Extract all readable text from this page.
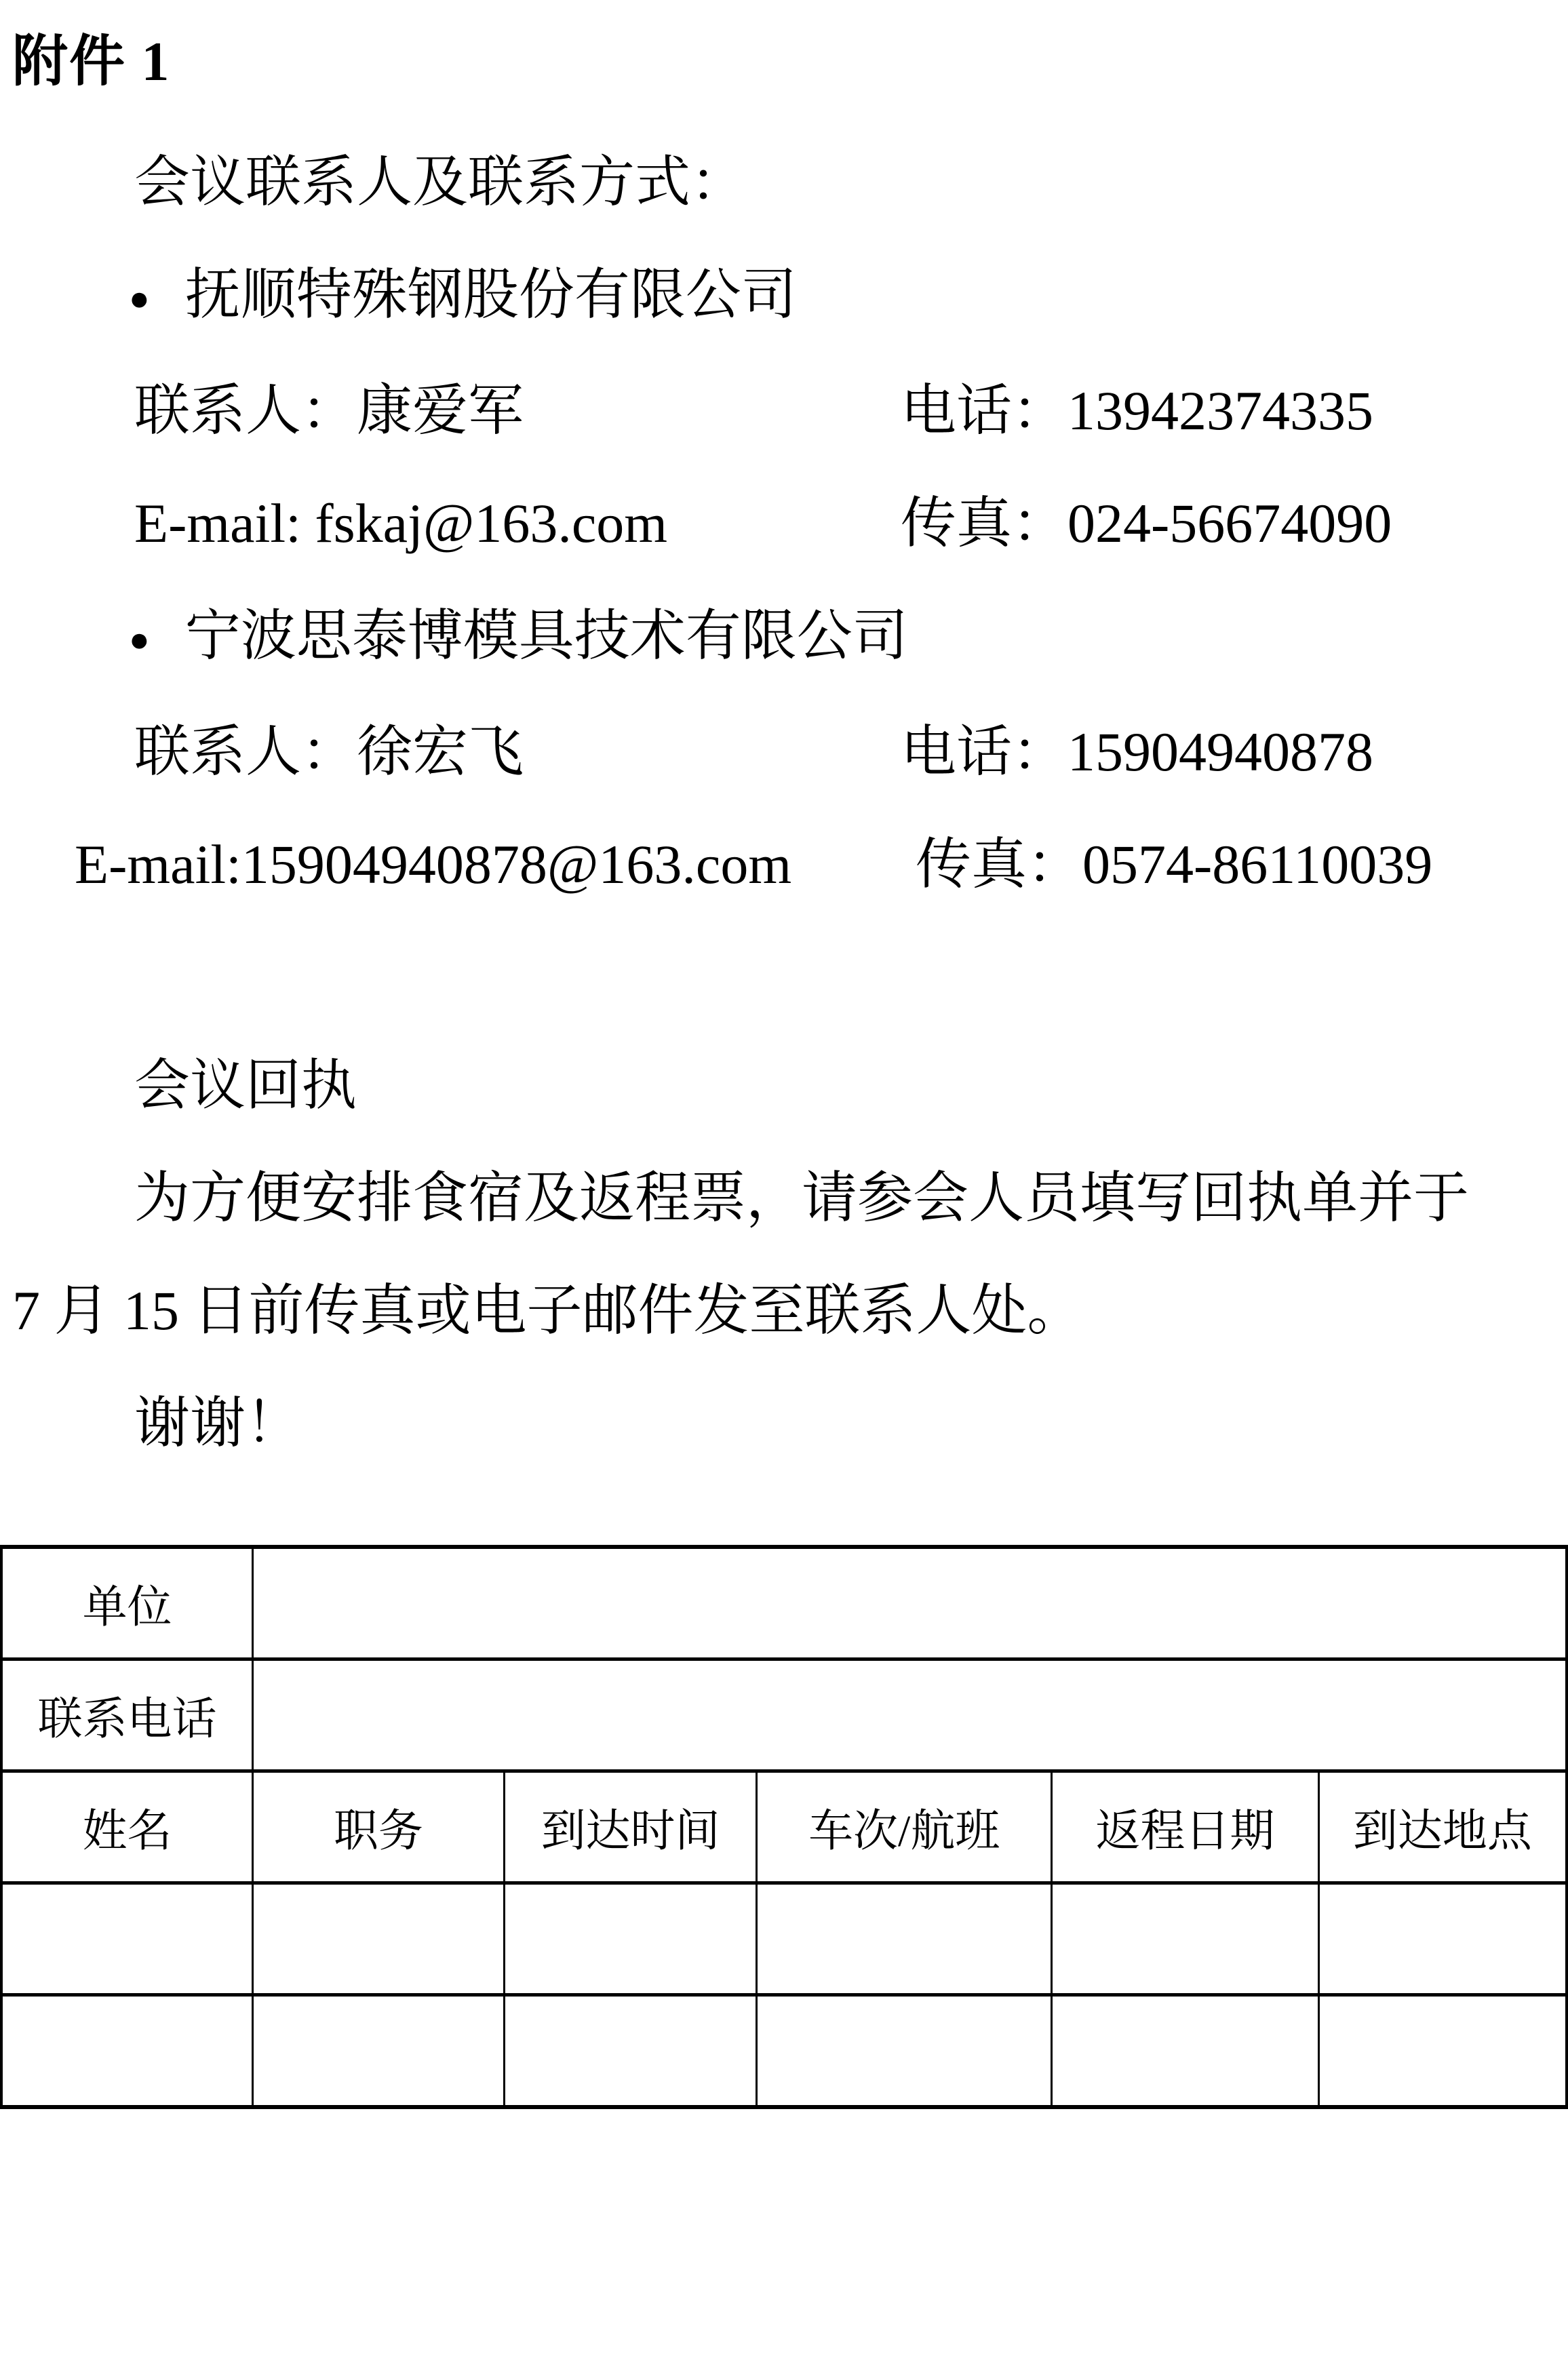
附件 1
会议联系人及联系方式：
● 抚顺特殊钢股份有限公司
联系人：康爱军	电话：13942374335
E-mail: fskaj@163.com	传真：024-56674090
● 宁波思泰博模具技术有限公司
联系人：徐宏飞	电话：15904940878
E-mail:15904940878@163.com	传真：0574-86110039
会议回执
为方便安排食宿及返程票，请参会人员填写回执单并于
7 月 15 日前传真或电子邮件发至联系人处。
谢谢！
单位					
联系电话					
姓名	职务	到达时间	车次/航班	返程日期	到达地点
